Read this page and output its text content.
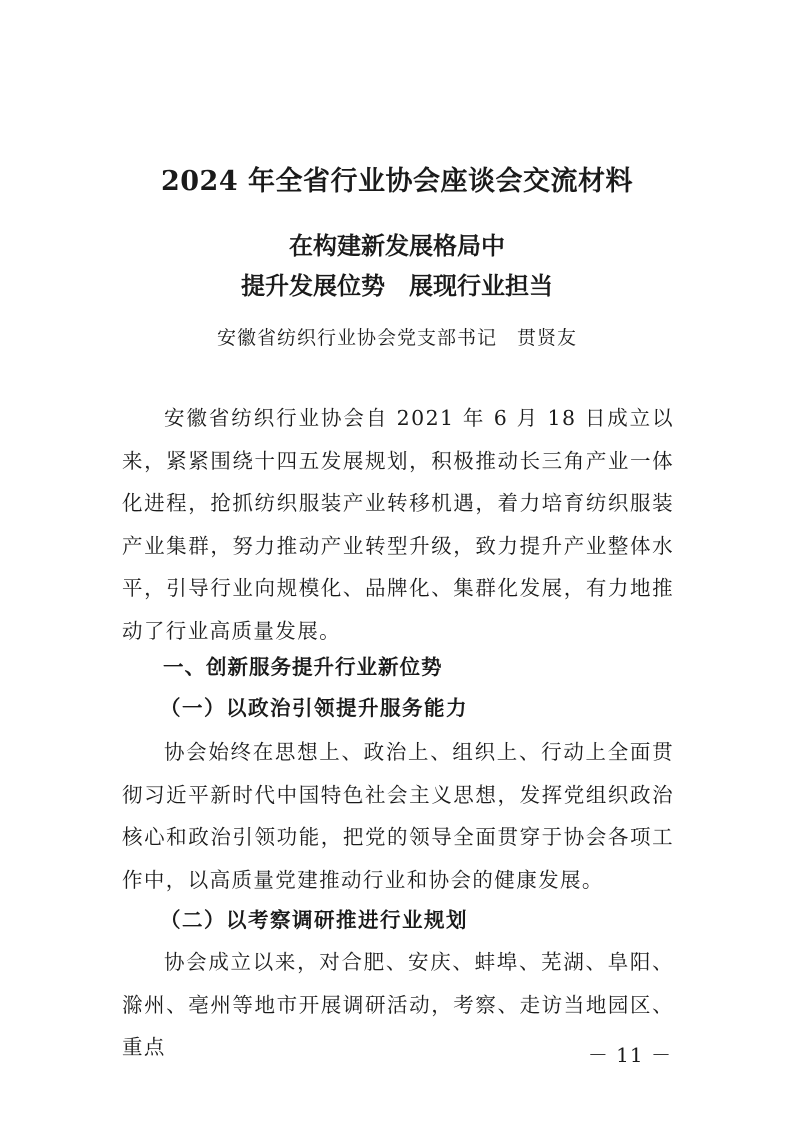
2024 年全省行业协会座谈会交流材料
在构建新发展格局中
提升发展位势　展现行业担当
安徽省纺织行业协会党支部书记　贯贤友

安徽省纺织行业协会自 2021 年 6 月 18 日成立以来，紧紧围绕十四五发展规划，积极推动长三角产业一体化进程，抢抓纺织服装产业转移机遇，着力培育纺织服装产业集群，努力推动产业转型升级，致力提升产业整体水平，引导行业向规模化、品牌化、集群化发展，有力地推动了行业高质量发展。

一、创新服务提升行业新位势
（一）以政治引领提升服务能力

协会始终在思想上、政治上、组织上、行动上全面贯彻习近平新时代中国特色社会主义思想，发挥党组织政治核心和政治引领功能，把党的领导全面贯穿于协会各项工作中，以高质量党建推动行业和协会的健康发展。

（二）以考察调研推进行业规划

协会成立以来，对合肥、安庆、蚌埠、芜湖、阜阳、滁州、亳州等地市开展调研活动，考察、走访当地园区、重点	－ 11 －
